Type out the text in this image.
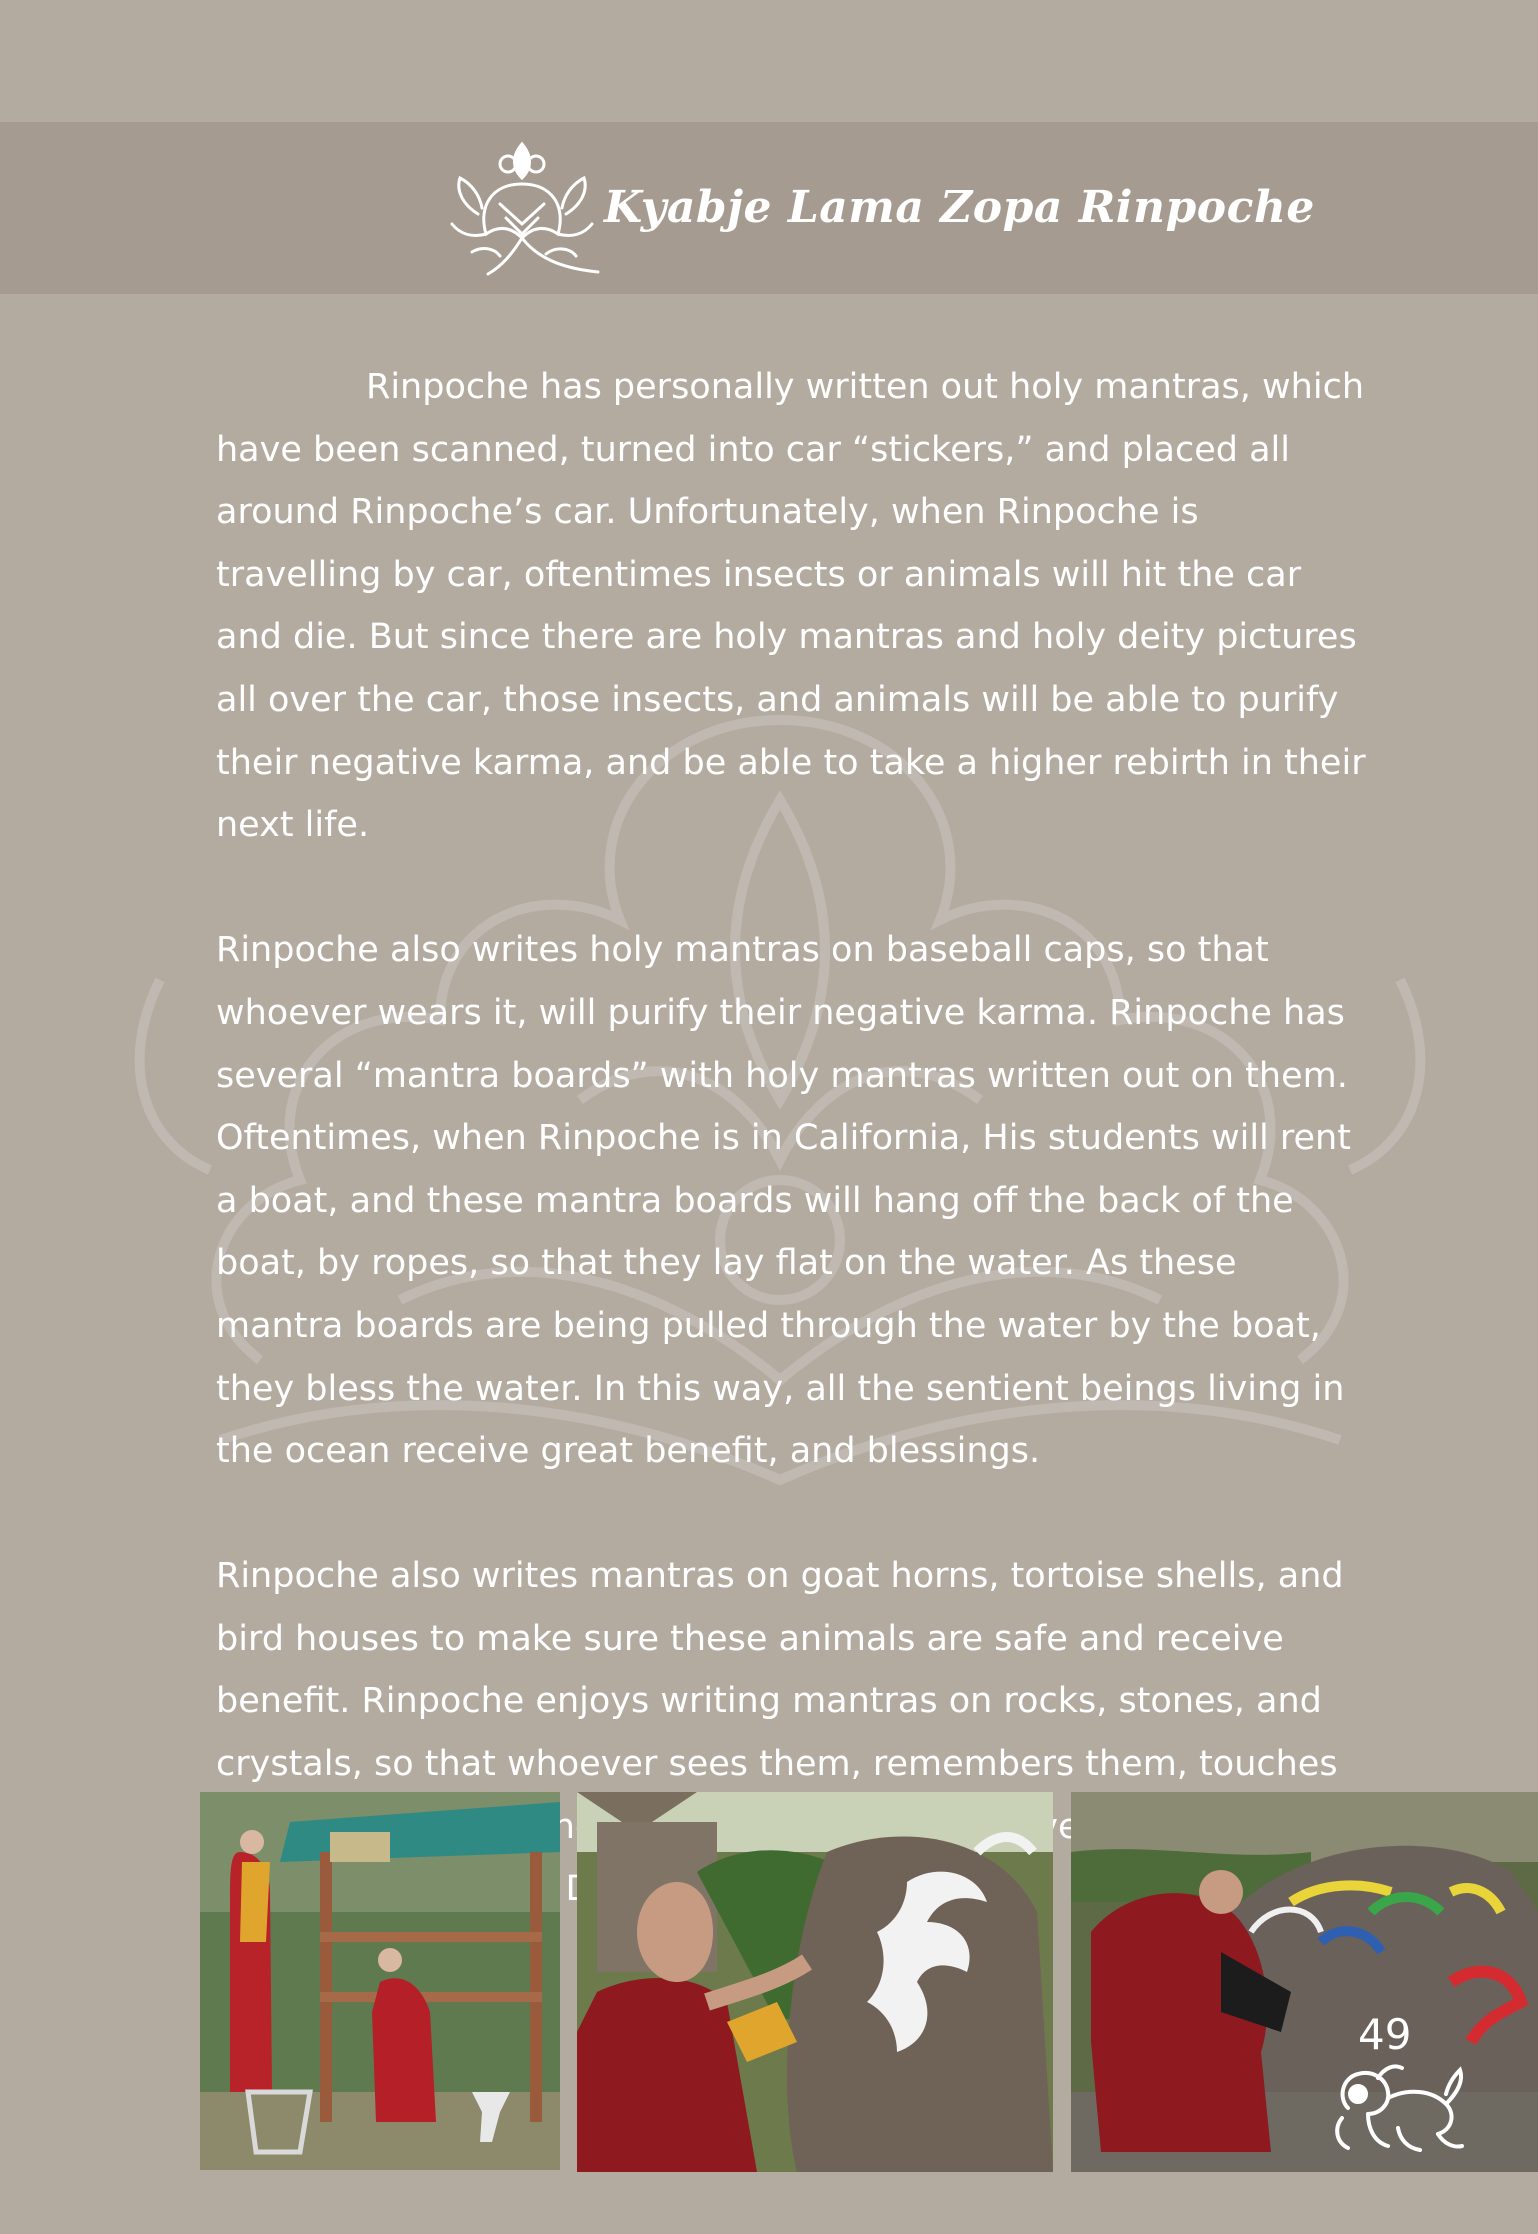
Kyabje Lama Zopa Rinpoche

Rinpoche has personally written out holy mantras, which have been scanned, turned into car “stickers,” and placed all around Rinpoche’s car. Unfortunately, when Rinpoche is travelling by car, oftentimes insects or animals will hit the car and die. But since there are holy mantras and holy deity pictures all over the car, those insects, and animals will be able to purify their negative karma, and be able to take a higher rebirth in their next life.

Rinpoche also writes holy mantras on baseball caps, so that whoever wears it, will purify their negative karma. Rinpoche has several “mantra boards” with holy mantras written out on them. Oftentimes, when Rinpoche is in California, His students will rent a boat, and these mantra boards will hang off the back of the boat, by ropes, so that they lay flat on the water. As these mantra boards are being pulled through the water by the boat, they bless the water. In this way, all the sentient beings living in the ocean receive great benefit, and blessings.

Rinpoche also writes mantras on goat horns, tortoise shells, and bird houses to make sure these animals are safe and receive benefit. Rinpoche enjoys writing mantras on rocks, stones, and crystals, so that whoever sees them, remembers them, touches

49
